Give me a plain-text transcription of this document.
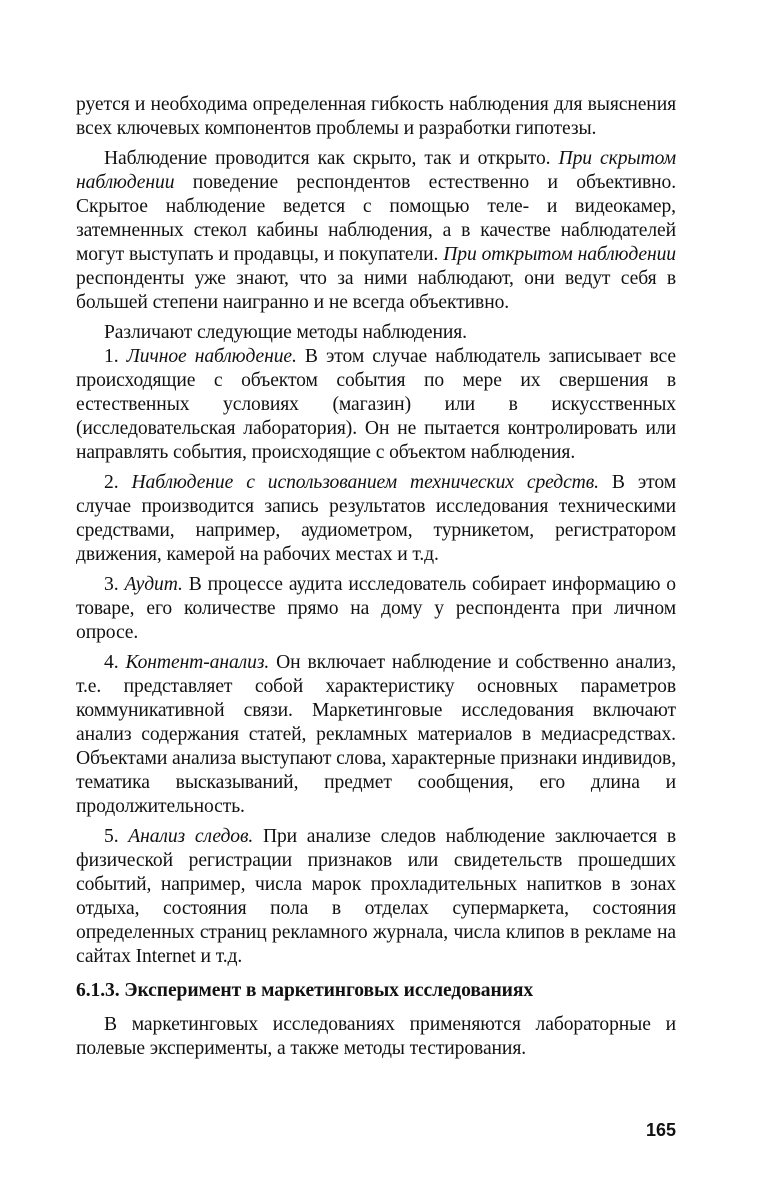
руется и необходима определенная гибкость наблюдения для выяснения всех ключевых компонентов проблемы и разработки гипотезы.

Наблюдение проводится как скрыто, так и открыто. При скрытом наблюдении поведение респондентов естественно и объективно. Скрытое наблюдение ведется с помощью теле- и видеокамер, затемненных стекол кабины наблюдения, а в качестве наблюдателей могут выступать и продавцы, и покупатели. При открытом наблюдении респонденты уже знают, что за ними наблюдают, они ведут себя в большей степени наигранно и не всегда объективно.

Различают следующие методы наблюдения.

1. Личное наблюдение. В этом случае наблюдатель записывает все происходящие с объектом события по мере их свершения в естественных условиях (магазин) или в искусственных (исследовательская лаборатория). Он не пытается контролировать или направлять события, происходящие с объектом наблюдения.

2. Наблюдение с использованием технических средств. В этом случае производится запись результатов исследования техническими средствами, например, аудиометром, турникетом, регистратором движения, камерой на рабочих местах и т.д.

3. Аудит. В процессе аудита исследователь собирает информацию о товаре, его количестве прямо на дому у респондента при личном опросе.

4. Контент-анализ. Он включает наблюдение и собственно анализ, т.е. представляет собой характеристику основных параметров коммуникативной связи. Маркетинговые исследования включают анализ содержания статей, рекламных материалов в медиасредствах. Объектами анализа выступают слова, характерные признаки индивидов, тематика высказываний, предмет сообщения, его длина и продолжительность.

5. Анализ следов. При анализе следов наблюдение заключается в физической регистрации признаков или свидетельств прошедших событий, например, числа марок прохладительных напитков в зонах отдыха, состояния пола в отделах супермаркета, состояния определенных страниц рекламного журнала, числа клипов в рекламе на сайтах Internet и т.д.

6.1.3. Эксперимент в маркетинговых исследованиях

В маркетинговых исследованиях применяются лабораторные и полевые эксперименты, а также методы тестирования.

165
